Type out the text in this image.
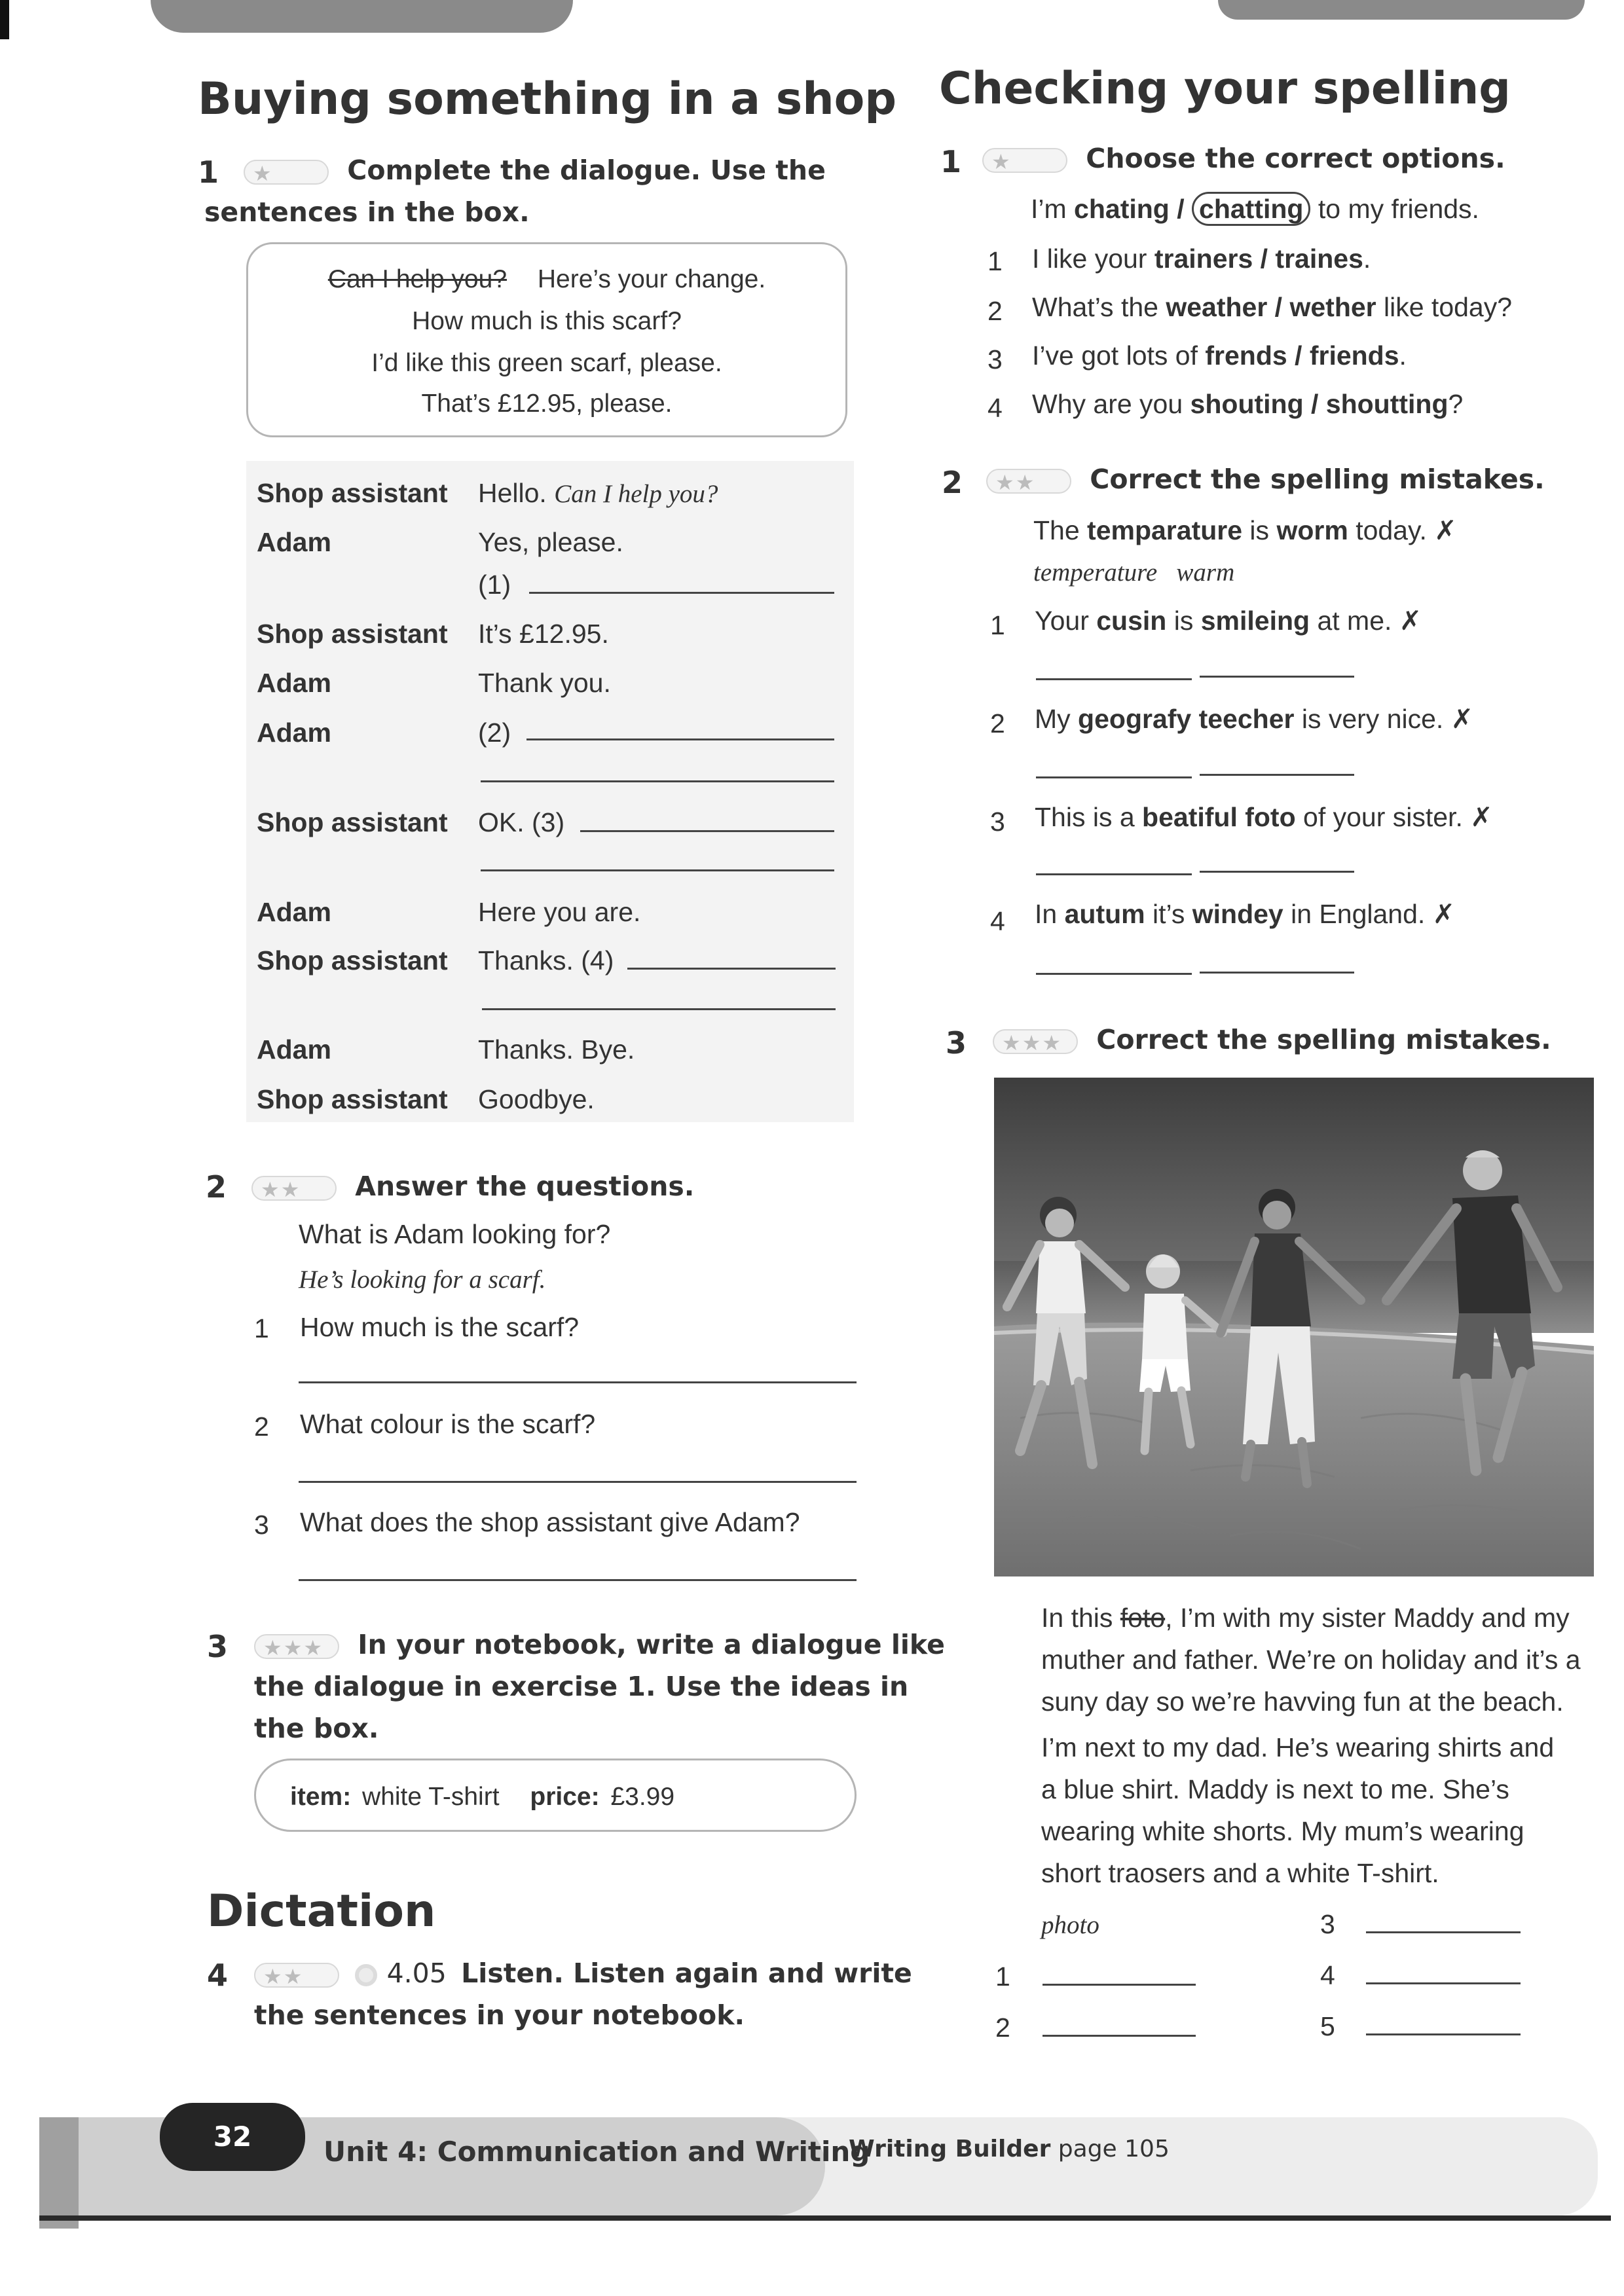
Buying something in a shop
1	★	Complete the dialogue. Use the
sentences in the box.
Can I help you? Here’s your change.
How much is this scarf?
I’d like this green scarf, please.
That’s £12.95, please.
Shop assistant Hello. Can I help you?
Adam	Yes, please.
(1)
Shop assistant It’s £12.95.
Adam	Thank you.
Adam	(2)
Shop assistant OK. (3)
Adam	Here you are.
Shop assistant Thanks. (4)
Adam	Thanks. Bye.
Shop assistant Goodbye.
2	★★ Answer the questions.
What is Adam looking for?
He’s looking for a scarf.
1 How much is the scarf?
2 What colour is the scarf?
3 What does the shop assistant give Adam?
3	★★★ In your notebook, write a dialogue like
the dialogue in exercise 1. Use the ideas in
the box.
item: white T-shirt price: £3.99
Dictation
4	★★	4.05 Listen. Listen again and write
the sentences in your notebook.
Checking your spelling
1	★	Choose the correct options.
I’m chating / chatting to my friends.
1 I like your trainers / traines.
2 What’s the weather / wether like today?
3 I’ve got lots of frends / friends.
4 Why are you shouting / shoutting?
2	★★ Correct the spelling mistakes.
The temparature is worm today. ✗
temperature   warm
1 Your cusin is smileing at me. ✗
2 My geografy teecher is very nice. ✗
3 This is a beatiful foto of your sister. ✗
4 In autum it’s windey in England. ✗
3	★★★ Correct the spelling mistakes.
In this foto, I’m with my sister Maddy and my
muther and father. We’re on holiday and it’s a
suny day so we’re havving fun at the beach.
I’m next to my dad. He’s wearing shirts and
a blue shirt. Maddy is next to me. She’s
wearing white shorts. My mum’s wearing
short traosers and a white T-shirt.
photo
1
2
3
4
5
32	Unit 4: Communication and Writing
Writing Builder page 105
